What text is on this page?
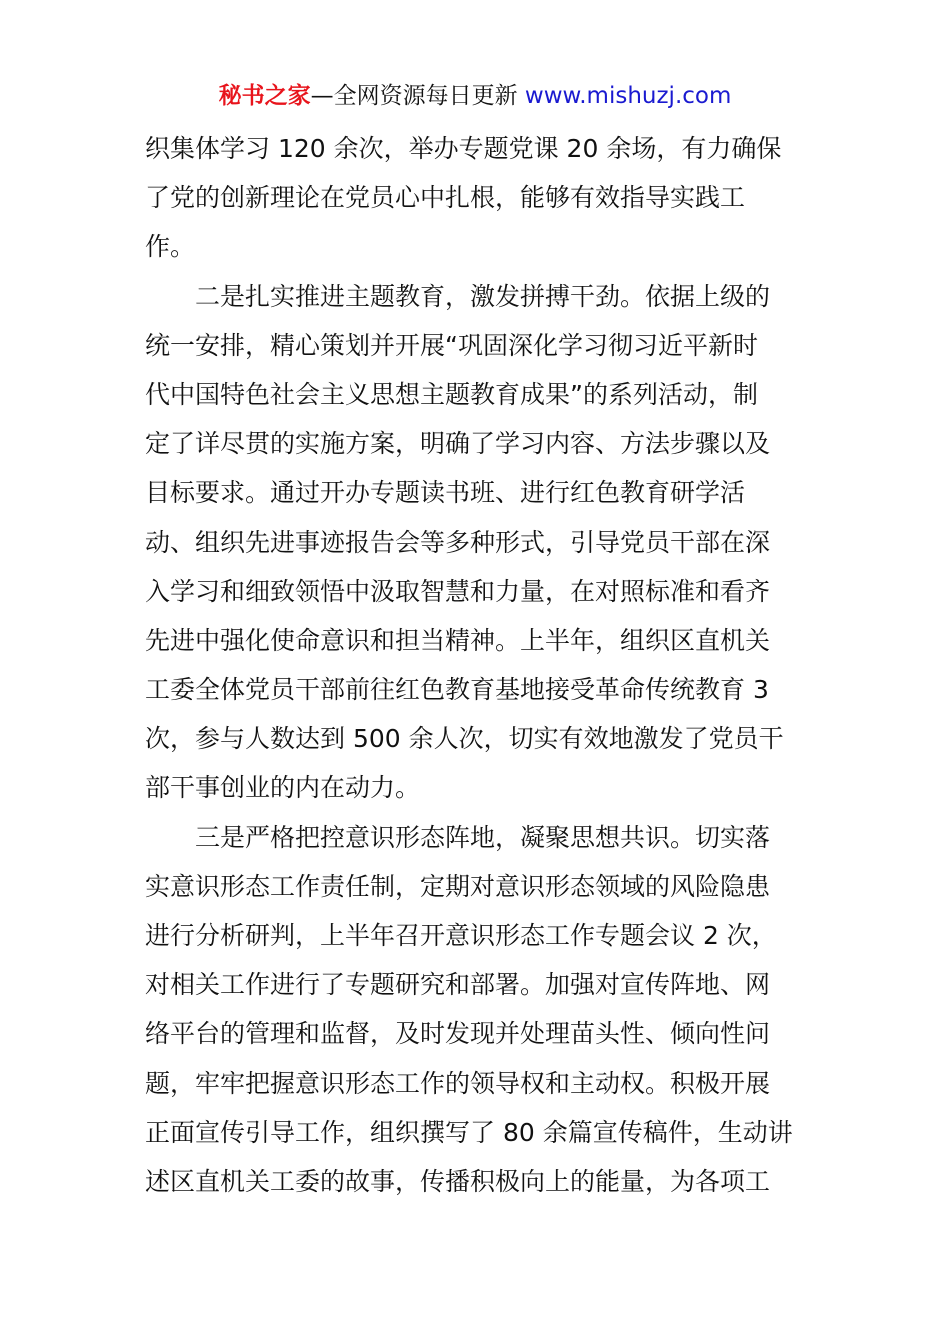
秘书之家—全网资源每日更新 www.mishuzj.com
织集体学习 120 余次，举办专题党课 20 余场，有力确保
了党的创新理论在党员心中扎根，能够有效指导实践工
作。
二是扎实推进主题教育，激发拼搏干劲。依据上级的
统一安排，精心策划并开展“巩固深化学习彻习近平新时
代中国特色社会主义思想主题教育成果”的系列活动，制
定了详尽贯的实施方案，明确了学习内容、方法步骤以及
目标要求。通过开办专题读书班、进行红色教育研学活
动、组织先进事迹报告会等多种形式，引导党员干部在深
入学习和细致领悟中汲取智慧和力量，在对照标准和看齐
先进中强化使命意识和担当精神。上半年，组织区直机关
工委全体党员干部前往红色教育基地接受革命传统教育 3
次，参与人数达到 500 余人次，切实有效地激发了党员干
部干事创业的内在动力。
三是严格把控意识形态阵地，凝聚思想共识。切实落
实意识形态工作责任制，定期对意识形态领域的风险隐患
进行分析研判，上半年召开意识形态工作专题会议 2 次，
对相关工作进行了专题研究和部署。加强对宣传阵地、网
络平台的管理和监督，及时发现并处理苗头性、倾向性问
题，牢牢把握意识形态工作的领导权和主动权。积极开展
正面宣传引导工作，组织撰写了 80 余篇宣传稿件，生动讲
述区直机关工委的故事，传播积极向上的能量，为各项工
